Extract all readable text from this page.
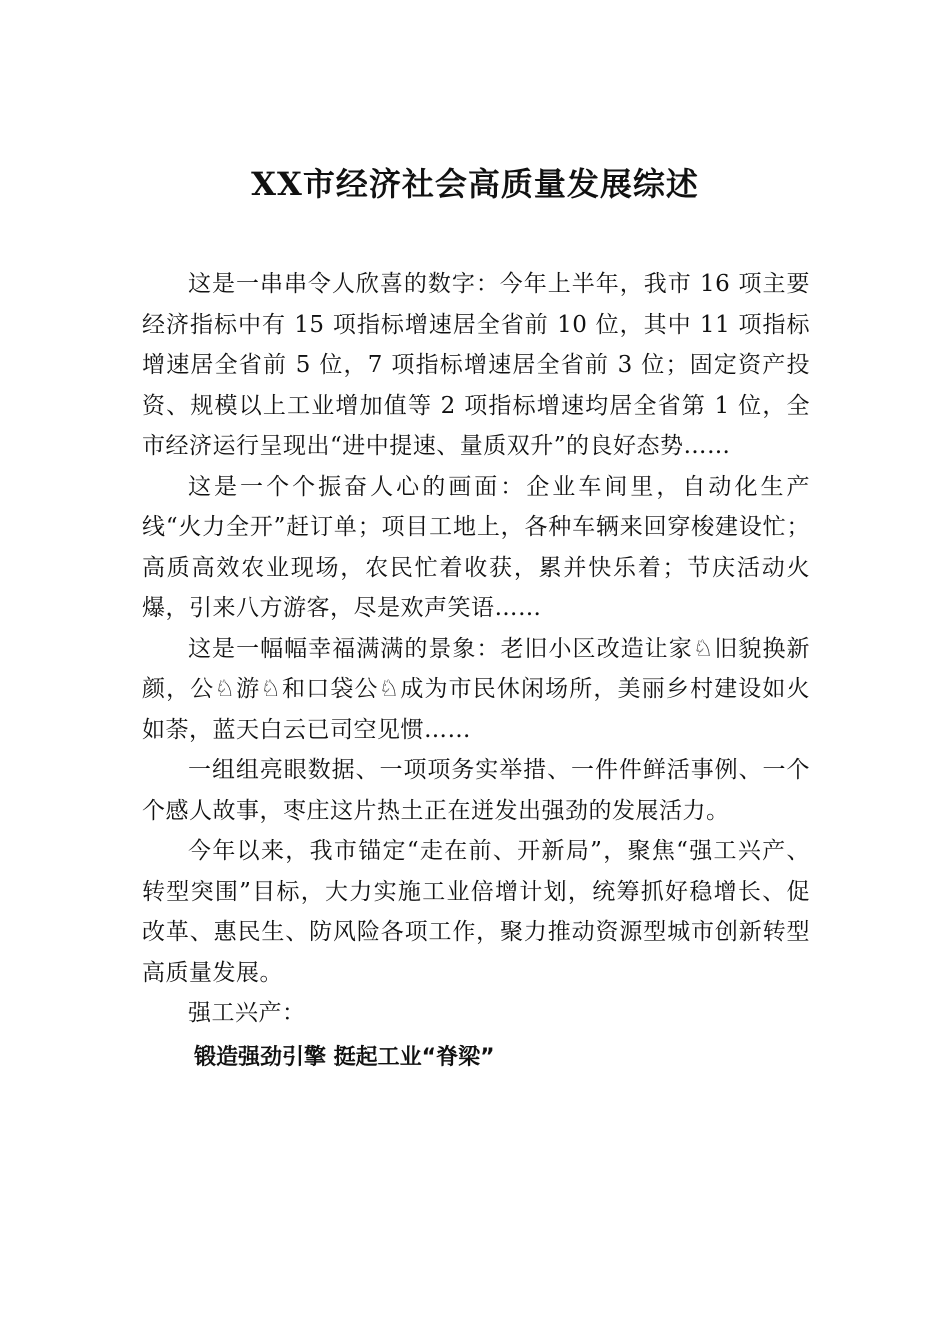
XX市经济社会高质量发展综述

这是一串串令人欣喜的数字：今年上半年，我市 16 项主要经济指标中有 15 项指标增速居全省前 10 位，其中 11 项指标增速居全省前 5 位，7 项指标增速居全省前 3 位；固定资产投资、规模以上工业增加值等 2 项指标增速均居全省第 1 位，全市经济运行呈现出“进中提速、量质双升”的良好态势……

这是一个个振奋人心的画面：企业车间里，自动化生产线“火力全开”赶订单；项目工地上，各种车辆来回穿梭建设忙；高质高效农业现场，农民忙着收获，累并快乐着；节庆活动火爆，引来八方游客，尽是欢声笑语……

这是一幅幅幸福满满的景象：老旧小区改造让家♘旧貌换新颜，公♘游♘和口袋公♘成为市民休闲场所，美丽乡村建设如火如荼，蓝天白云已司空见惯……

一组组亮眼数据、一项项务实举措、一件件鲜活事例、一个个感人故事，枣庄这片热土正在迸发出强劲的发展活力。

今年以来，我市锚定“走在前、开新局”，聚焦“强工兴产、转型突围”目标，大力实施工业倍增计划，统筹抓好稳增长、促改革、惠民生、防风险各项工作，聚力推动资源型城市创新转型高质量发展。

强工兴产：

锻造强劲引擎 挺起工业“脊梁”
